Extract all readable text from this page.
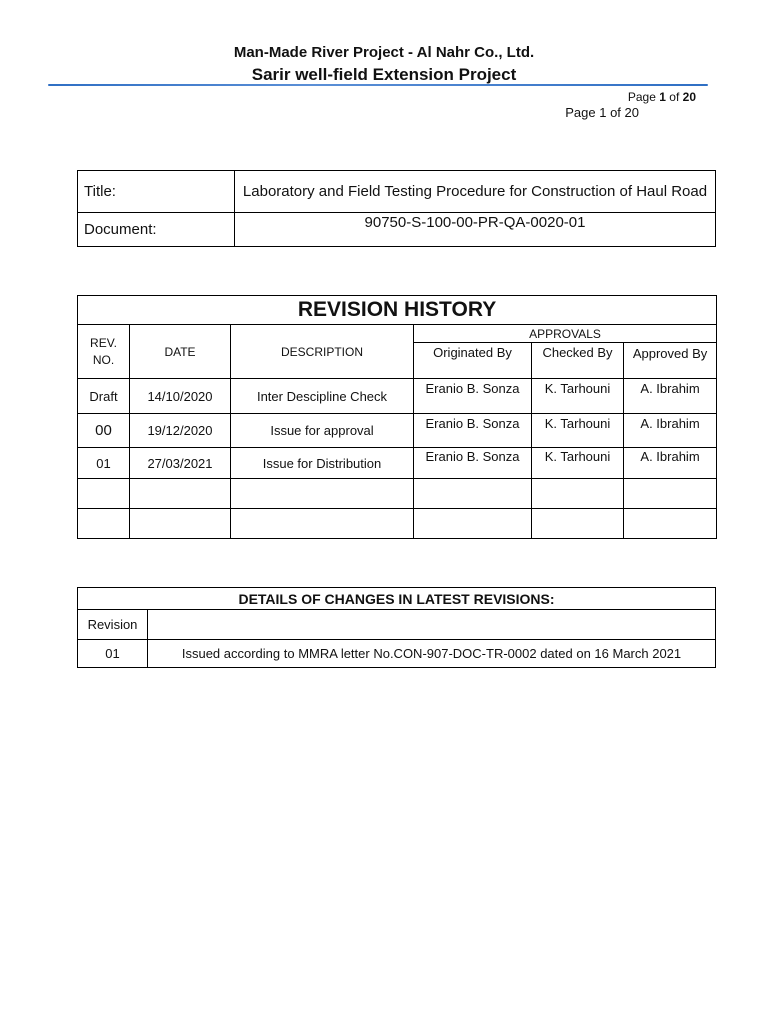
Man-Made River Project - Al Nahr Co., Ltd.
Sarir well-field Extension Project
Page 1 of 20
Page 1 of 20
Title:	Laboratory and Field Testing Procedure for Construction of Haul Road
Document:	90750-S-100-00-PR-QA-0020-01
REVISION HISTORY					
REV. NO.	DATE	DESCRIPTION	APPROVALS		
			Originated By	Checked By	Approved By
Draft	14/10/2020	Inter Descipline Check	Eranio B. Sonza	K. Tarhouni	A. Ibrahim
00	19/12/2020	Issue for approval	Eranio B. Sonza	K. Tarhouni	A. Ibrahim
01	27/03/2021	Issue for Distribution	Eranio B. Sonza	K. Tarhouni	A. Ibrahim

DETAILS OF CHANGES IN LATEST REVISIONS:	
Revision	
01	Issued according to MMRA letter No.CON-907-DOC-TR-0002 dated on 16 March 2021
